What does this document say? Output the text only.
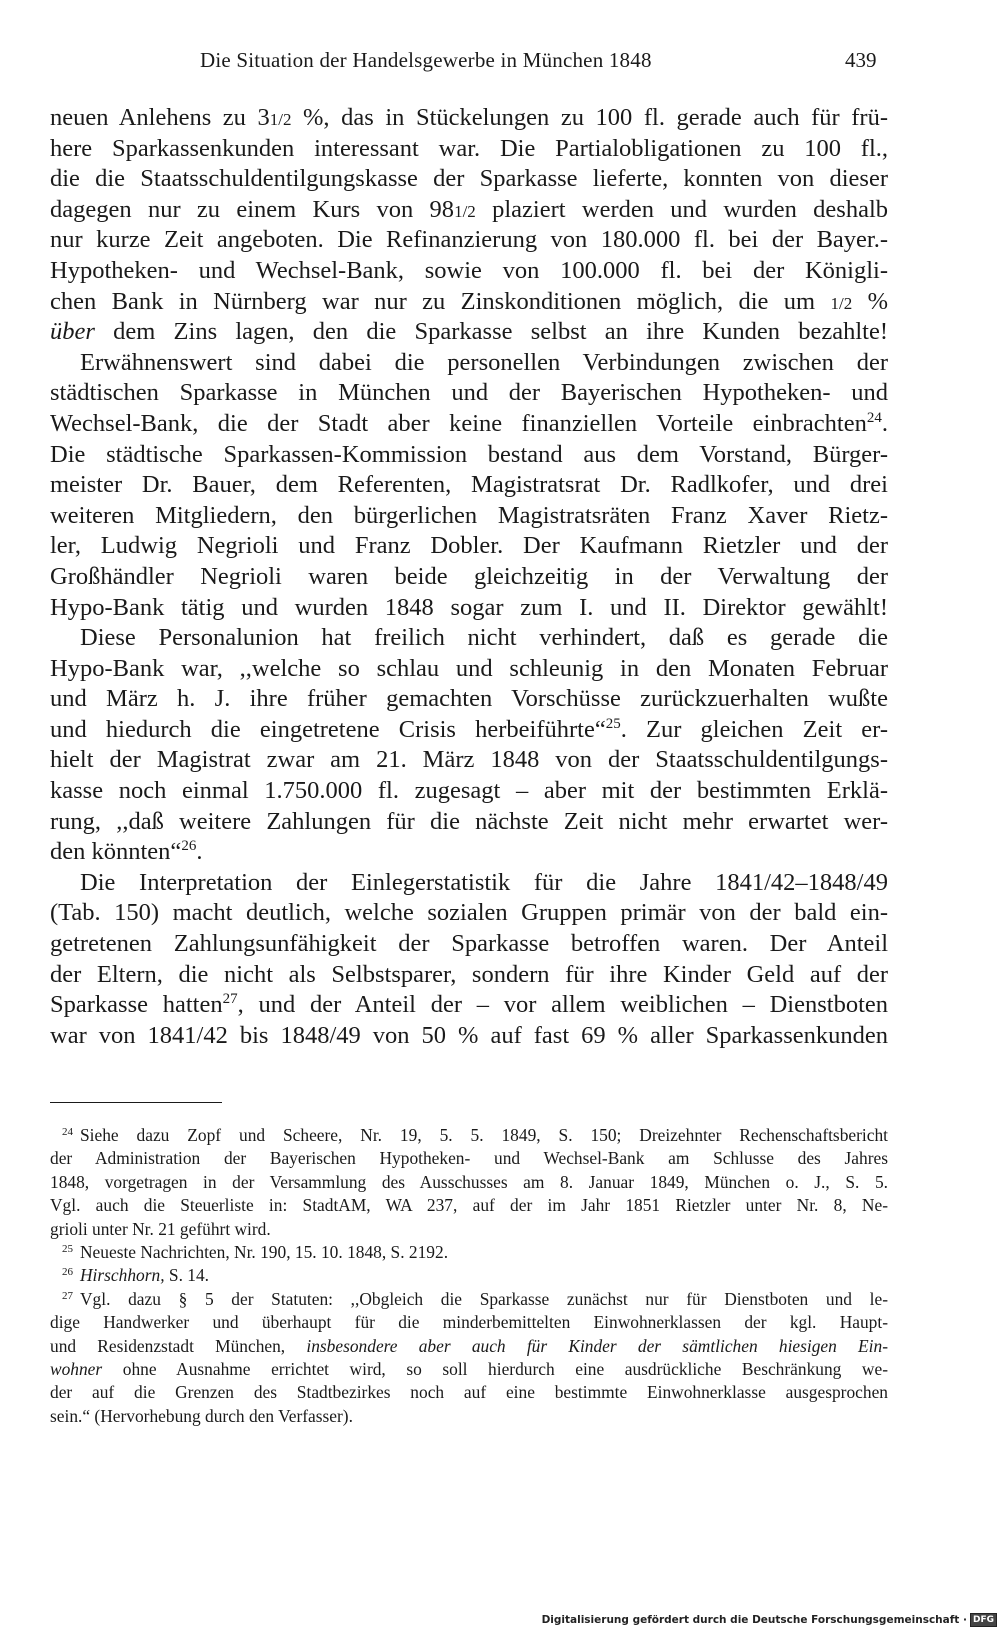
Die Situation der Handelsgewerbe in München 1848	439
neuen Anlehens zu 31/2 %, das in Stückelungen zu 100 fl. gerade auch für frü-
here Sparkassenkunden interessant war. Die Partialobligationen zu 100 fl.,
die die Staatsschuldentilgungskasse der Sparkasse lieferte, konnten von dieser
dagegen nur zu einem Kurs von 981/2 plaziert werden und wurden deshalb
nur kurze Zeit angeboten. Die Refinanzierung von 180.000 fl. bei der Bayer.-
Hypotheken- und Wechsel-Bank, sowie von 100.000 fl. bei der Königli-
chen Bank in Nürnberg war nur zu Zinskonditionen möglich, die um 1/2 %
über dem Zins lagen, den die Sparkasse selbst an ihre Kunden bezahlte!
Erwähnenswert sind dabei die personellen Verbindungen zwischen der
städtischen Sparkasse in München und der Bayerischen Hypotheken- und
Wechsel-Bank, die der Stadt aber keine finanziellen Vorteile einbrachten$^{24}$.
Die städtische Sparkassen-Kommission bestand aus dem Vorstand, Bürger-
meister Dr. Bauer, dem Referenten, Magistratsrat Dr. Radlkofer, und drei
weiteren Mitgliedern, den bürgerlichen Magistratsräten Franz Xaver Rietz-
ler, Ludwig Negrioli und Franz Dobler. Der Kaufmann Rietzler und der
Großhändler Negrioli waren beide gleichzeitig in der Verwaltung der
Hypo-Bank tätig und wurden 1848 sogar zum I. und II. Direktor gewählt!
Diese Personalunion hat freilich nicht verhindert, daß es gerade die
Hypo-Bank war, ,,welche so schlau und schleunig in den Monaten Februar
und März h. J. ihre früher gemachten Vorschüsse zurückzuerhalten wußte
und hiedurch die eingetretene Crisis herbeiführte“$^{25}$. Zur gleichen Zeit er-
hielt der Magistrat zwar am 21. März 1848 von der Staatsschuldentilgungs-
kasse noch einmal 1.750.000 fl. zugesagt – aber mit der bestimmten Erklä-
rung, ,,daß weitere Zahlungen für die nächste Zeit nicht mehr erwartet wer-
den könnten“$^{26}$.
Die Interpretation der Einlegerstatistik für die Jahre 1841/42–1848/49
(Tab. 150) macht deutlich, welche sozialen Gruppen primär von der bald ein-
getretenen Zahlungsunfähigkeit der Sparkasse betroffen waren. Der Anteil
der Eltern, die nicht als Selbstsparer, sondern für ihre Kinder Geld auf der
Sparkasse hatten$^{27}$, und der Anteil der – vor allem weiblichen – Dienstboten
war von 1841/42 bis 1848/49 von 50 % auf fast 69 % aller Sparkassenkunden
24 Siehe dazu Zopf und Scheere, Nr. 19, 5. 5. 1849, S. 150; Dreizehnter Rechenschaftsbericht
der Administration der Bayerischen Hypotheken- und Wechsel-Bank am Schlusse des Jahres
1848, vorgetragen in der Versammlung des Ausschusses am 8. Januar 1849, München o. J., S. 5.
Vgl. auch die Steuerliste in: StadtAM, WA 237, auf der im Jahr 1851 Rietzler unter Nr. 8, Ne-
grioli unter Nr. 21 geführt wird.
25 Neueste Nachrichten, Nr. 190, 15. 10. 1848, S. 2192.
26 Hirschhorn, S. 14.
27 Vgl. dazu § 5 der Statuten: ,,Obgleich die Sparkasse zunächst nur für Dienstboten und le-
dige Handwerker und überhaupt für die minderbemittelten Einwohnerklassen der kgl. Haupt-
und Residenzstadt München, insbesondere aber auch für Kinder der sämtlichen hiesigen Ein-
wohner ohne Ausnahme errichtet wird, so soll hierdurch eine ausdrückliche Beschränkung we-
der auf die Grenzen des Stadtbezirkes noch auf eine bestimmte Einwohnerklasse ausgesprochen
sein.“ (Hervorhebung durch den Verfasser).
Digitalisierung gefördert durch die Deutsche Forschungsgemeinschaft · DFG
